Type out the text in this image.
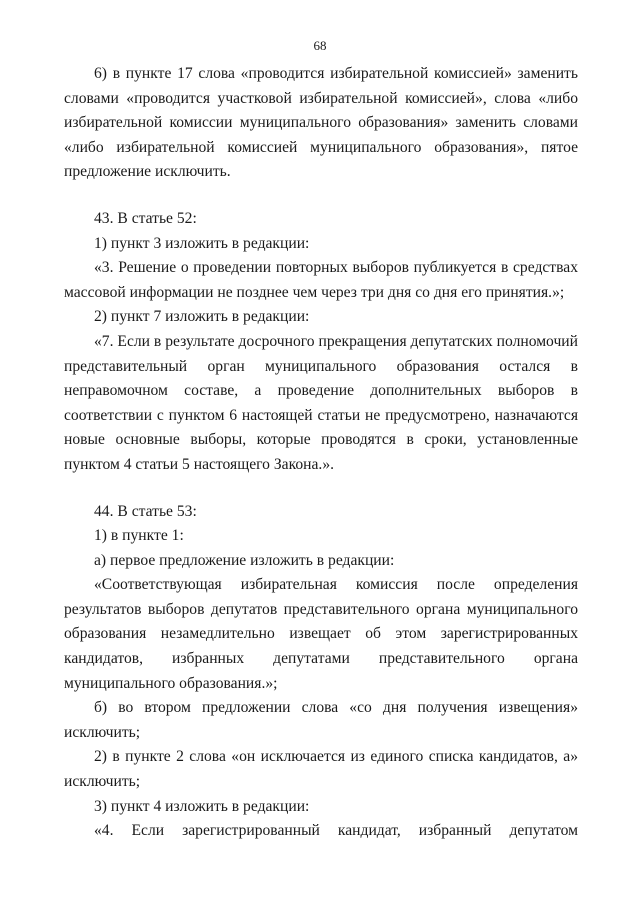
68

6) в пункте 17 слова «проводится избирательной комиссией» заменить словами «проводится участковой избирательной комиссией», слова «либо избирательной комиссии муниципального образования» заменить словами «либо избирательной комиссией муниципального образования», пятое предложение исключить.

43. В статье 52:

1) пункт 3 изложить в редакции:

«3. Решение о проведении повторных выборов публикуется в средствах массовой информации не позднее чем через три дня со дня его принятия.»;

2) пункт 7 изложить в редакции:

«7. Если в результате досрочного прекращения депутатских полномочий представительный орган муниципального образования остался в неправомочном составе, а проведение дополнительных выборов в соответствии с пунктом 6 настоящей статьи не предусмотрено, назначаются новые основные выборы, которые проводятся в сроки, установленные пунктом 4 статьи 5 настоящего Закона.».

44. В статье 53:

1) в пункте 1:

а) первое предложение изложить в редакции:

«Соответствующая избирательная комиссия после определения результатов выборов депутатов представительного органа муниципального образования незамедлительно извещает об этом зарегистрированных кандидатов, избранных депутатами представительного органа муниципального образования.»;

б) во втором предложении слова «со дня получения извещения» исключить;

2) в пункте 2 слова «он исключается из единого списка кандидатов, а» исключить;

3) пункт 4 изложить в редакции:

«4. Если зарегистрированный кандидат, избранный депутатом
